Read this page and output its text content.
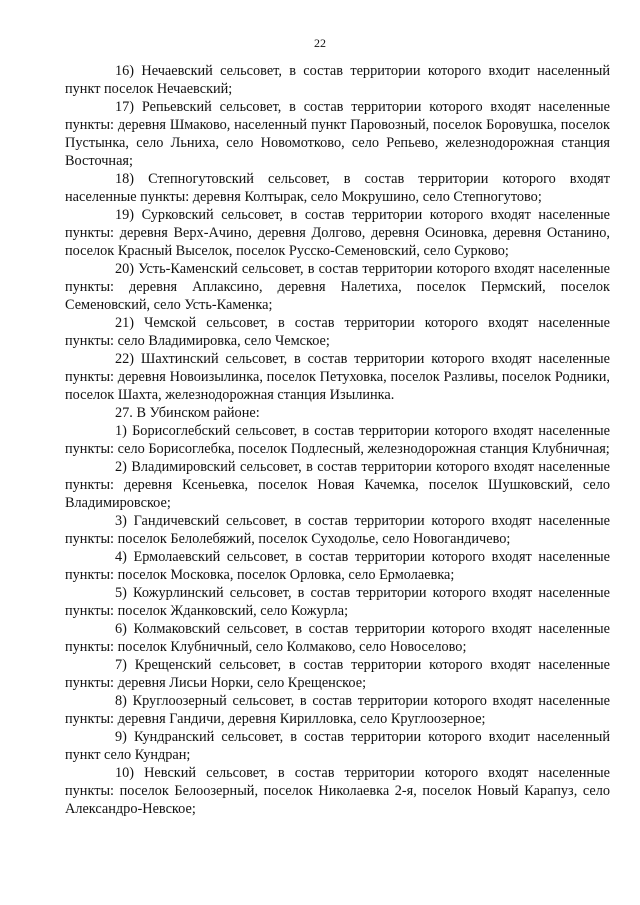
22

16) Нечаевский сельсовет, в состав территории которого входит населенный пункт поселок Нечаевский;

17) Репьевский сельсовет, в состав территории которого входят населенные пункты: деревня Шмаково, населенный пункт Паровозный, поселок Боровушка, поселок Пустынка, село Льниха, село Новомотково, село Репьево, железнодорожная станция Восточная;

18) Степногутовский сельсовет, в состав территории которого входят населенные пункты: деревня Колтырак, село Мокрушино, село Степногутово;

19) Сурковский сельсовет, в состав территории которого входят населенные пункты: деревня Верх-Ачино, деревня Долгово, деревня Осиновка, деревня Останино, поселок Красный Выселок, поселок Русско-Семеновский, село Сурково;

20) Усть-Каменский сельсовет, в состав территории которого входят населенные пункты: деревня Аплаксино, деревня Налетиха, поселок Пермский, поселок Семеновский, село Усть-Каменка;

21) Чемской сельсовет, в состав территории которого входят населенные пункты: село Владимировка, село Чемское;

22) Шахтинский сельсовет, в состав территории которого входят населенные пункты: деревня Новоизылинка, поселок Петуховка, поселок Разливы, поселок Родники, поселок Шахта, железнодорожная станция Изылинка.

27. В Убинском районе:

1) Борисоглебский сельсовет, в состав территории которого входят населенные пункты: село Борисоглебка, поселок Подлесный, железнодорожная станция Клубничная;

2) Владимировский сельсовет, в состав территории которого входят населенные пункты: деревня Ксеньевка, поселок Новая Качемка, поселок Шушковский, село Владимировское;

3) Гандичевский сельсовет, в состав территории которого входят населенные пункты: поселок Белолебяжий, поселок Суходолье, село Новогандичево;

4) Ермолаевский сельсовет, в состав территории которого входят населенные пункты: поселок Московка, поселок Орловка, село Ермолаевка;

5) Кожурлинский сельсовет, в состав территории которого входят населенные пункты: поселок Жданковский, село Кожурла;

6) Колмаковский сельсовет, в состав территории которого входят населенные пункты: поселок Клубничный, село Колмаково, село Новоселово;

7) Крещенский сельсовет, в состав территории которого входят населенные пункты: деревня Лисьи Норки, село Крещенское;

8) Круглоозерный сельсовет, в состав территории которого входят населенные пункты: деревня Гандичи, деревня Кирилловка, село Круглоозерное;

9) Кундранский сельсовет, в состав территории которого входит населенный пункт село Кундран;

10) Невский сельсовет, в состав территории которого входят населенные пункты: поселок Белоозерный, поселок Николаевка 2-я, поселок Новый Карапуз, село Александро-Невское;
